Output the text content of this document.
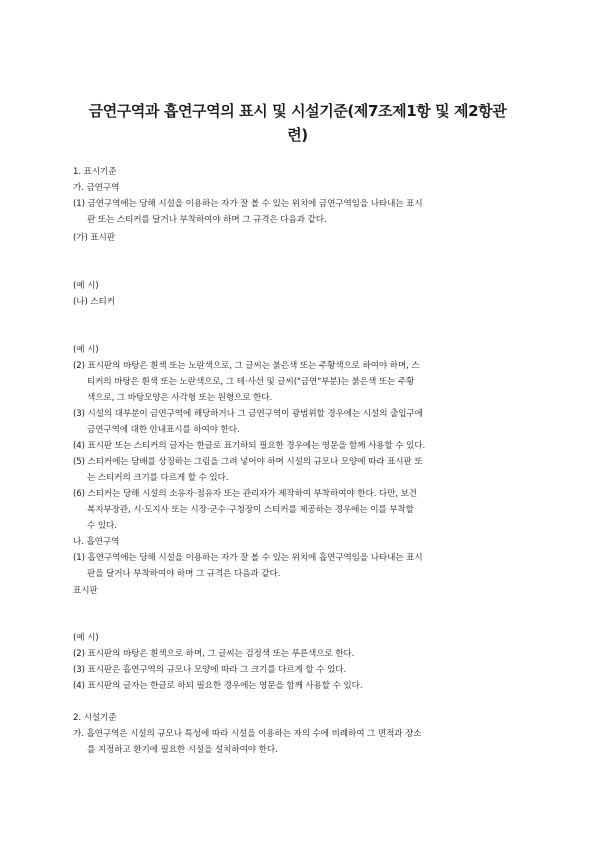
금연구역과 흡연구역의 표시 및 시설기준(제7조제1항 및 제2항관
련)
1. 표시기준
가. 금연구역
(1) 금연구역에는 당해 시설을 이용하는 자가 잘 볼 수 있는 위치에 금연구역임을 나타내는 표시
판 또는 스티커를 달거나 부착하여야 하며 그 규격은 다음과 같다.
(가) 표시판
(예 시)
(나) 스티커
(예 시)
(2) 표시판의 바탕은 흰색 또는 노란색으로, 그 글씨는 붉은색 또는 주황색으로 하여야 하며, 스
티커의 바탕은 흰색 또는 노란색으로, 그 테·사선 및 글씨("금연"부분)는 붉은색 또는 주황
색으로, 그 바탕모양은 사각형 또는 원형으로 한다.
(3) 시설의 대부분이 금연구역에 해당하거나 그 금연구역이 광범위할 경우에는 시설의 출입구에
금연구역에 대한 안내표시를 하여야 한다.
(4) 표시판 또는 스티커의 글자는 한글로 표기하되 필요한 경우에는 영문을 함께 사용할 수 있다.
(5) 스티커에는 담배를 상징하는 그림을 그려 넣어야 하며 시설의 규모나 모양에 따라 표시판 또
는 스티커의 크기를 다르게 할 수 있다.
(6) 스티커는 당해 시설의 소유자·점유자 또는 관리자가 제작하여 부착하여야 한다. 다만, 보건
복지부장관, 시·도지사 또는 시장·군수·구청장이 스티커를 제공하는 경우에는 이를 부착할
수 있다.
나. 흡연구역
(1) 흡연구역에는 당해 시설을 이용하는 자가 잘 볼 수 있는 위치에 흡연구역임을 나타내는 표시
판을 달거나 부착하여야 하며 그 규격은 다음과 같다.
표시판
(예 시)
(2) 표시판의 바탕은 흰색으로 하며, 그 글씨는 검정색 또는 푸른색으로 한다.
(3) 표시판은 흡연구역의 규모나 모양에 따라 그 크기를 다르게 할 수 있다.
(4) 표시판의 글자는 한글로 하되 필요한 경우에는 영문을 함께 사용할 수 있다.
2. 시설기준
가. 흡연구역은 시설의 규모나 특성에 따라 시설을 이용하는 자의 수에 비례하여 그 면적과 장소
를 지정하고 환기에 필요한 시설을 설치하여야 한다.
